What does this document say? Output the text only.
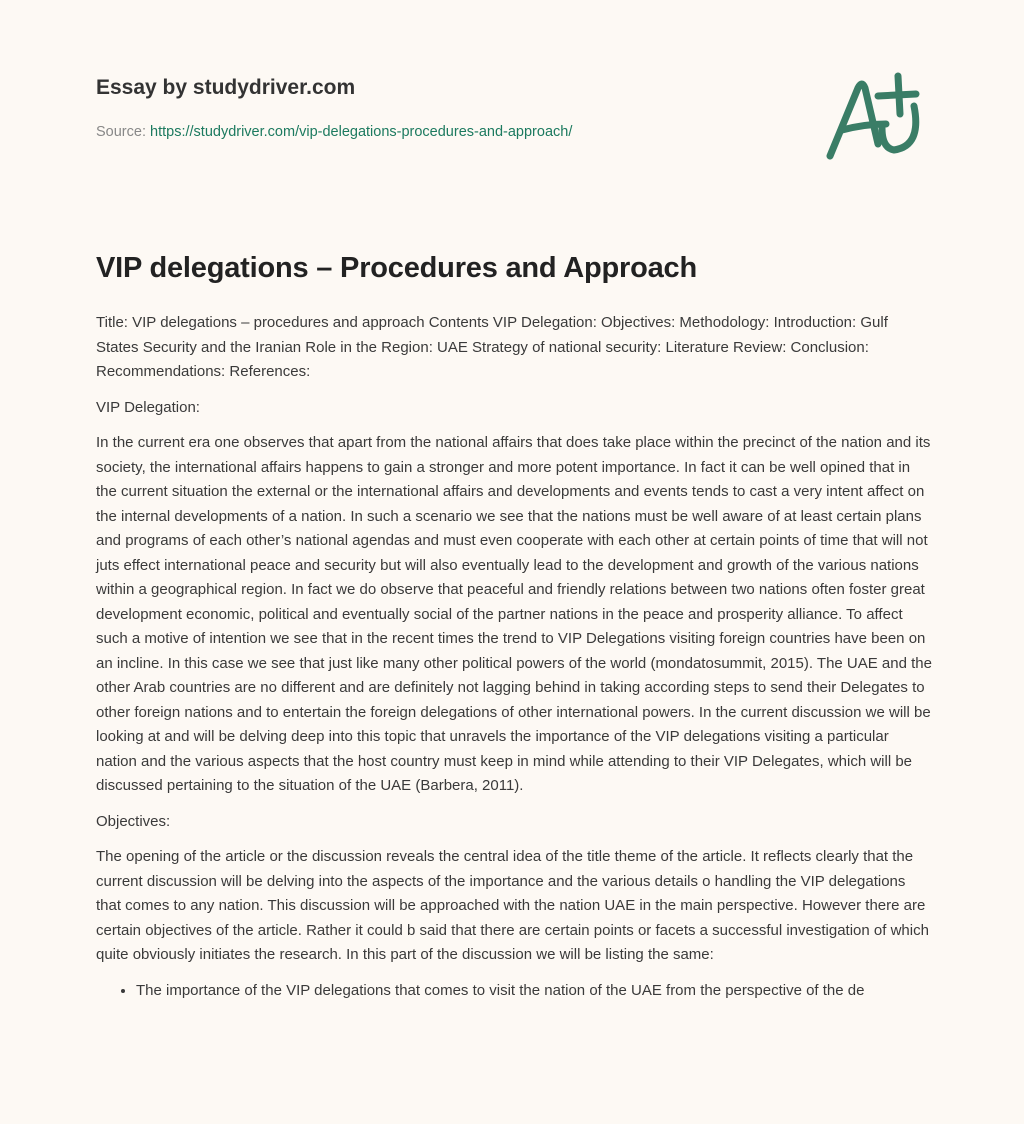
Essay by studydriver.com
Source: https://studydriver.com/vip-delegations-procedures-and-approach/
VIP delegations – Procedures and Approach

Title: VIP delegations – procedures and approach Contents VIP Delegation: Objectives: Methodology: Introduction: Gulf States Security and the Iranian Role in the Region: UAE Strategy of national security: Literature Review: Conclusion: Recommendations: References:

VIP Delegation:

In the current era one observes that apart from the national affairs that does take place within the precinct of the nation and its society, the international affairs happens to gain a stronger and more potent importance. In fact it can be well opined that in the current situation the external or the international affairs and developments and events tends to cast a very intent affect on the internal developments of a nation. In such a scenario we see that the nations must be well aware of at least certain plans and programs of each other’s national agendas and must even cooperate with each other at certain points of time that will not juts effect international peace and security but will also eventually lead to the development and growth of the various nations within a geographical region. In fact we do observe that peaceful and friendly relations between two nations often foster great development economic, political and eventually social of the partner nations in the peace and prosperity alliance. To affect such a motive of intention we see that in the recent times the trend to VIP Delegations visiting foreign countries have been on an incline. In this case we see that just like many other political powers of the world (mondatosummit, 2015). The UAE and the other Arab countries are no different and are definitely not lagging behind in taking according steps to send their Delegates to other foreign nations and to entertain the foreign delegations of other international powers. In the current discussion we will be looking at and will be delving deep into this topic that unravels the importance of the VIP delegations visiting a particular nation and the various aspects that the host country must keep in mind while attending to their VIP Delegates, which will be discussed pertaining to the situation of the UAE (Barbera, 2011).

Objectives:

The opening of the article or the discussion reveals the central idea of the title theme of the article. It reflects clearly that the current discussion will be delving into the aspects of the importance and the various details o handling the VIP delegations that comes to any nation. This discussion will be approached with the nation UAE in the main perspective. However there are certain objectives of the article. Rather it could b said that there are certain points or facets a successful investigation of which quite obviously initiates the research. In this part of the discussion we will be listing the same:

• The importance of the VIP delegations that comes to visit the nation of the UAE from the perspective of the de
